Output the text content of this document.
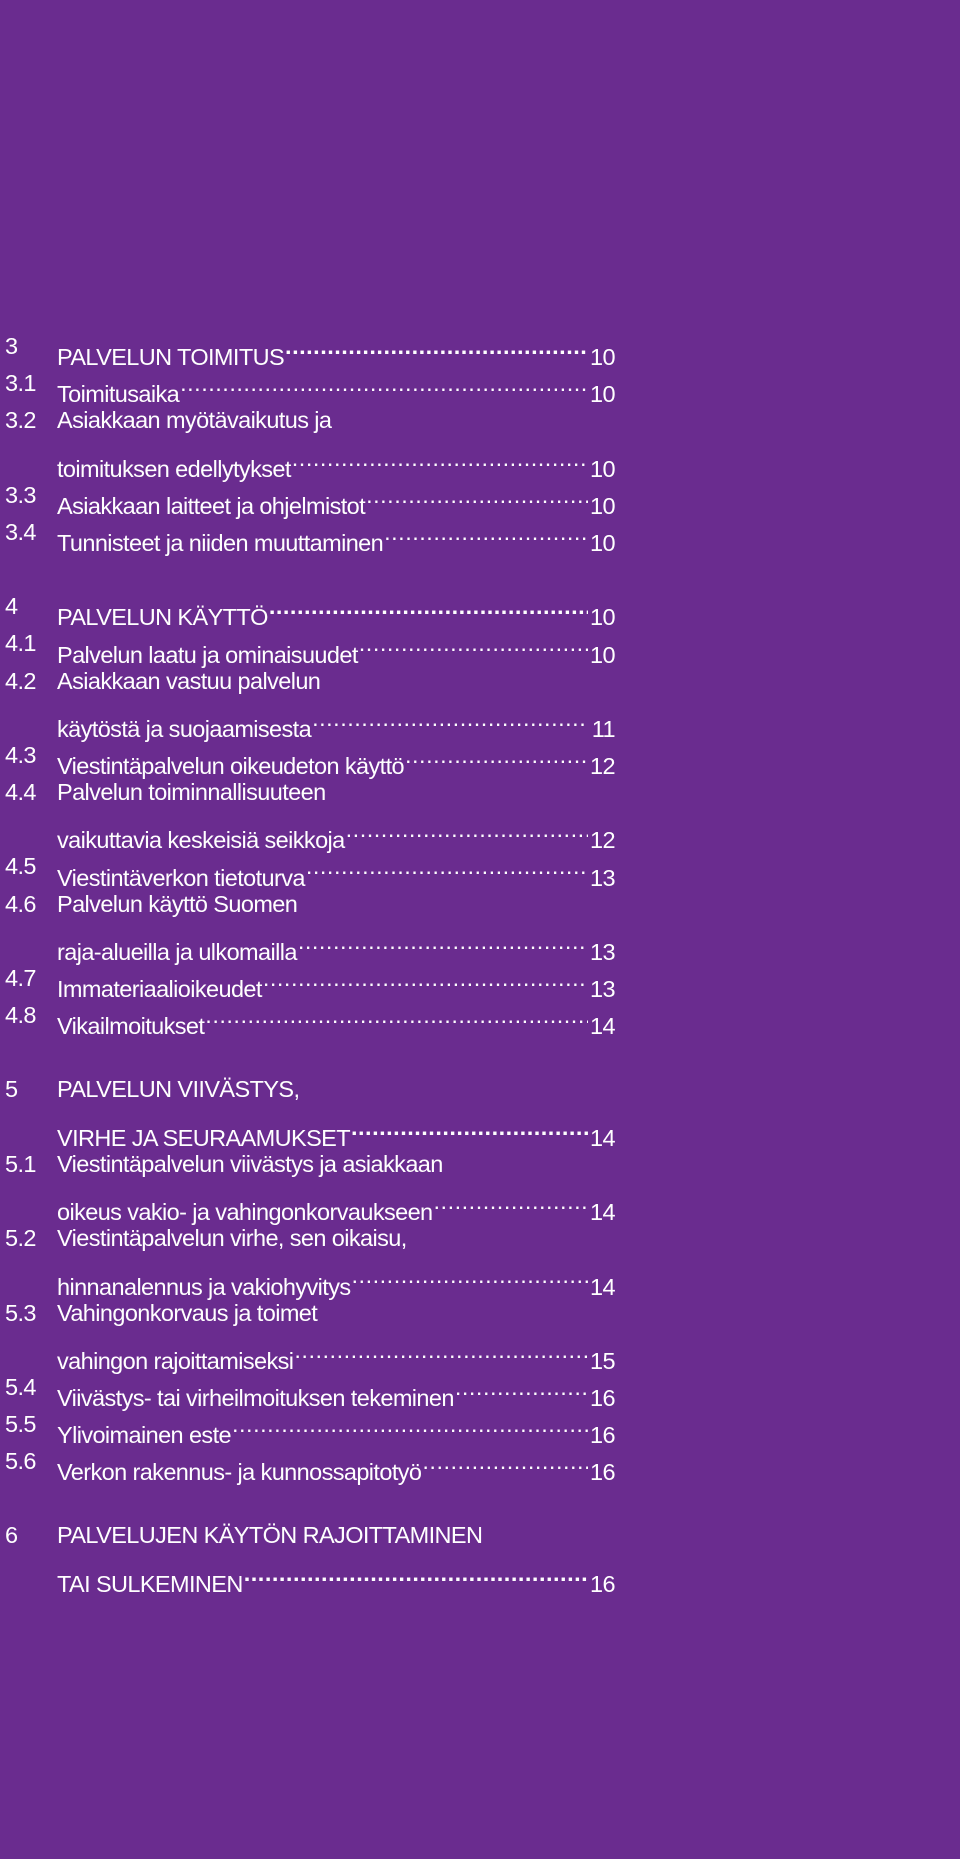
3	PALVELUN TOIMITUS .....	10
3.1 Toimitusaika .....	10
3.2 Asiakkaan myötävaikutus ja
toimituksen edellytykset .....	10
3.3 Asiakkaan laitteet ja ohjelmistot .....	10
3.4 Tunnisteet ja niiden muuttaminen .....	10
4	PALVELUN KÄYTTÖ .....	10
4.1 Palvelun laatu ja ominaisuudet .....	10
4.2 Asiakkaan vastuu palvelun
käytöstä ja suojaamisesta .....	11
4.3 Viestintäpalvelun oikeudeton käyttö .....	12
4.4 Palvelun toiminnallisuuteen
vaikuttavia keskeisiä seikkoja .....	12
4.5 Viestintäverkon tietoturva .....	13
4.6 Palvelun käyttö Suomen
raja-alueilla ja ulkomailla .....	13
4.7 Immateriaalioikeudet .....	13
4.8 Vikailmoitukset .....	14
5	PALVELUN VIIVÄSTYS,
VIRHE JA SEURAAMUKSET .....	14
5.1 Viestintäpalvelun viivästys ja asiakkaan
oikeus vakio- ja vahingonkorvaukseen .....	14
5.2 Viestintäpalvelun virhe, sen oikaisu,
hinnanalennus ja vakiohyvitys .....	14
5.3 Vahingonkorvaus ja toimet
vahingon rajoittamiseksi .....	15
5.4 Viivästys- tai virheilmoituksen tekeminen .....	16
5.5 Ylivoimainen este .....	16
5.6 Verkon rakennus- ja kunnossapitotyö .....	16
6	PALVELUJEN KÄYTÖN RAJOITTAMINEN
TAI SULKEMINEN .....	16
